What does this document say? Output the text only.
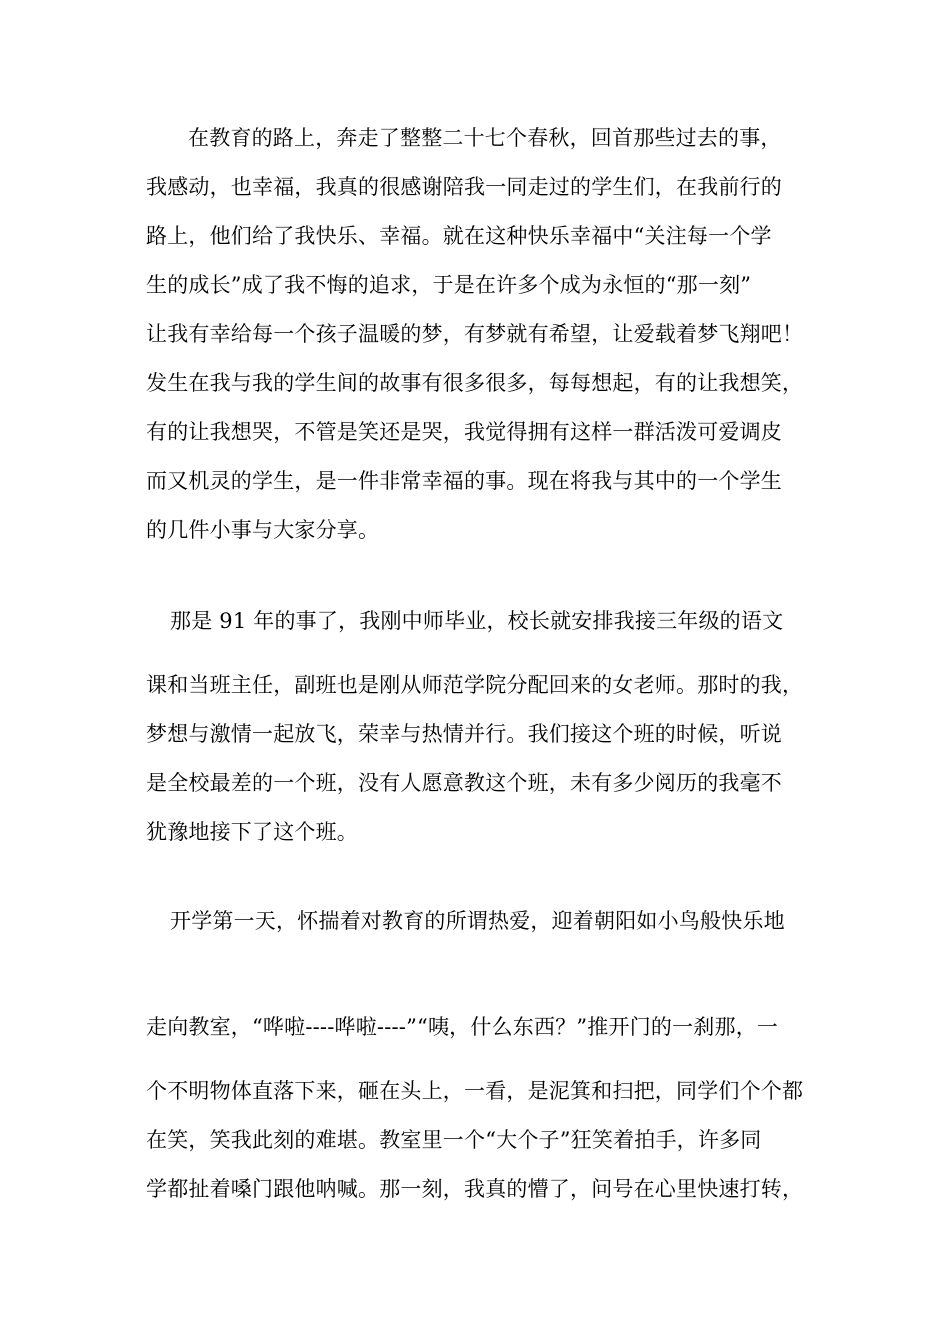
在教育的路上，奔走了整整二十七个春秋，回首那些过去的事，
我感动，也幸福，我真的很感谢陪我一同走过的学生们，在我前行的
路上，他们给了我快乐、幸福。就在这种快乐幸福中“关注每一个学
生的成长”成了我不悔的追求，于是在许多个成为永恒的“那一刻”
让我有幸给每一个孩子温暖的梦，有梦就有希望，让爱载着梦飞翔吧！
发生在我与我的学生间的故事有很多很多，每每想起，有的让我想笑，
有的让我想哭，不管是笑还是哭，我觉得拥有这样一群活泼可爱调皮
而又机灵的学生，是一件非常幸福的事。现在将我与其中的一个学生
的几件小事与大家分享。
那是 91 年的事了，我刚中师毕业，校长就安排我接三年级的语文
课和当班主任，副班也是刚从师范学院分配回来的女老师。那时的我，
梦想与激情一起放飞，荣幸与热情并行。我们接这个班的时候，听说
是全校最差的一个班，没有人愿意教这个班，未有多少阅历的我毫不
犹豫地接下了这个班。
开学第一天，怀揣着对教育的所谓热爱，迎着朝阳如小鸟般快乐地
走向教室，“哗啦----哗啦----”“咦，什么东西？”推开门的一刹那，一
个不明物体直落下来，砸在头上，一看，是泥箕和扫把，同学们个个都
在笑，笑我此刻的难堪。教室里一个“大个子”狂笑着拍手，许多同
学都扯着嗓门跟他呐喊。那一刻，我真的懵了，问号在心里快速打转，
